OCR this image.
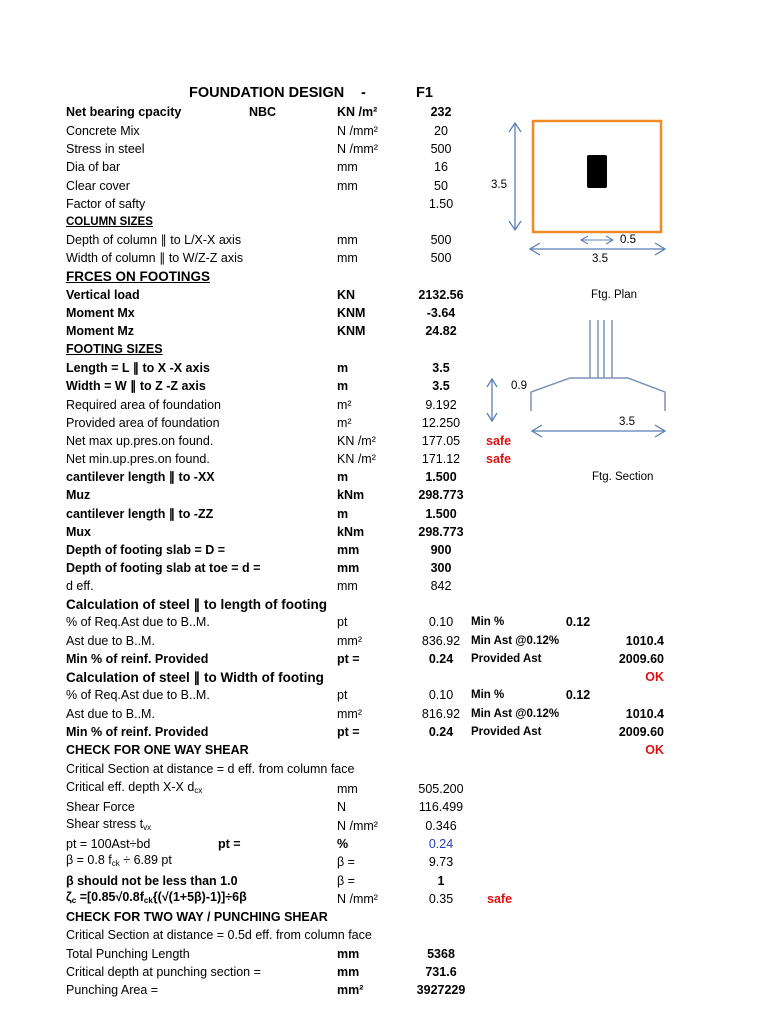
FOUNDATION DESIGN -	F1
Net bearing cpacity	NBC	KN /m²	232
Concrete Mix	N /mm²	20
Stress in steel	N /mm²	500
Dia of bar	mm	16
Clear cover	mm	50
Factor of safty	1.50
COLUMN SIZES
Depth of column ∥ to L/X-X axis	mm	500
Width of column ∥ to W/Z-Z axis	mm	500
FRCES ON FOOTINGS
Vertical load	KN	2132.56
Moment Mx	KNM	-3.64
Moment Mz	KNM	24.82
FOOTING SIZES
Length = L ∥ to X -X axis	m	3.5
Width = W ∥ to Z -Z axis	m	3.5
Required area of foundation	m²	9.192
Provided area of foundation	m²	12.250
Net max up.pres.on found.	KN /m²	177.05 safe
Net min.up.pres.on found.	KN /m²	171.12 safe
cantilever length ∥ to -XX	m	1.500
Muz	kNm	298.773
cantilever length ∥ to -ZZ	m	1.500
Mux	kNm	298.773
Depth of footing slab = D =	mm	900
Depth of footing slab at toe = d =	mm	300
d eff.	mm	842
Calculation of steel ∥ to length of footing
% of Req.Ast due to B..M.	pt	0.10 Min %	0.12
Ast due to B..M.	mm²	836.92 Min Ast @0.12%	1010.4
Min % of reinf. Provided	pt =	0.24 Provided Ast	2009.60
OK
Calculation of steel ∥ to Width of footing
% of Req.Ast due to B..M.	pt	0.10 Min %	0.12
Ast due to B..M.	mm²	816.92 Min Ast @0.12%	1010.4
Min % of reinf. Provided	pt =	0.24 Provided Ast	2009.60
CHECK FOR ONE WAY SHEAR	OK
Critical Section at distance = d eff. from column face
Critical eff. depth X-X $d_{cx}$	mm	505.200
Shear Force	N	116.499
Shear stress $t_{vx}$	N /mm²	0.346
pt = 100Ast÷bd	pt =	%	0.24
β = 0.8 $f_{ck} \div 6.89$ pt	β =	9.73
β should not be less than 1.0	β =	1
$\zeta_c =[0.85√0.8f_{ck}\{(√(1+5\beta)-1)]\div 6\beta$	N /mm²	0.35	safe
CHECK FOR TWO WAY / PUNCHING SHEAR
Critical Section at distance = 0.5d eff. from column face
Total Punching Length	mm	5368
Critical depth at punching section =	mm	731.6
Punching Area =	mm²	3927229
3.5
0.5
3.5
Ftg. Plan
0.9
3.5
Ftg. Section
